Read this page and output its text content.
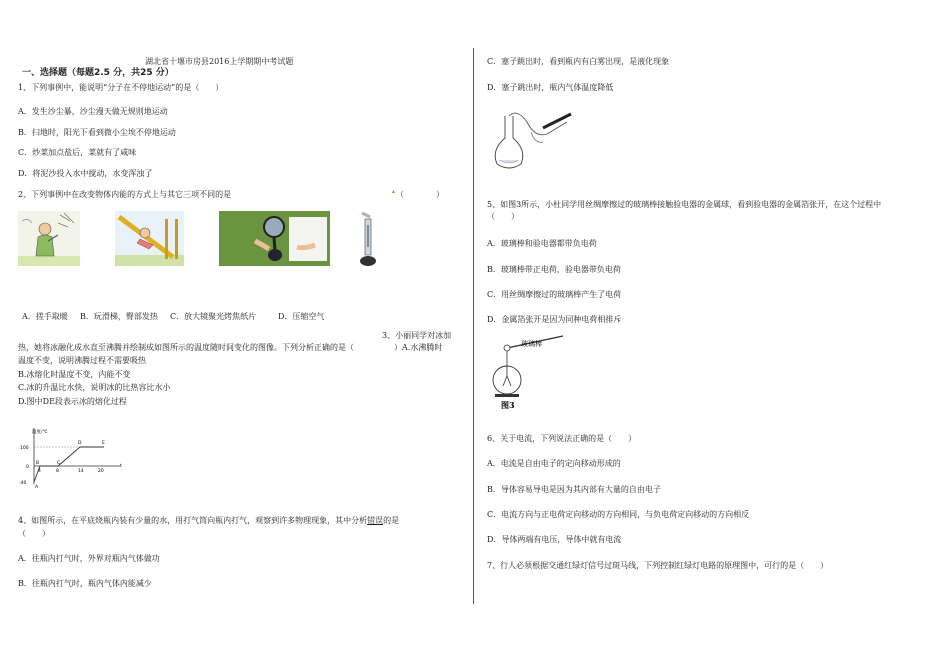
湖北省十堰市房县2016上学期期中考试题
一、选择题（每题2.5 分，共25 分）
1、下列事例中，能说明“分子在不停地运动”的是（　　）
A．发生沙尘暴，沙尘漫天做无规则地运动
B．扫地时，阳光下看到微小尘埃不停地运动
C．炒菜加点盐后，菜就有了咸味
D．将泥沙投入水中搅动，水变浑浊了
2、下列事例中在改变物体内能的方式上与其它三项不同的是	（　　　　）
▴
A．搓手取暖 B．玩滑梯，臀部发热 C．放大镜聚光烤焦纸片	D．压缩空气
3、小丽同学对冰加
热，她将冰融化成水直至沸腾并绘制成如图所示的温度随时间变化的图像。下列分析正确的是（　　　　　）A.水沸腾时
温度不变，说明沸腾过程不需要吸热
B.冰熔化时温度不变，内能不变
C.冰的升温比水快，说明冰的比热容比水小
D.图中DE段表示冰的熔化过程
温度/℃
100
0
-40
4	8	14	20
t
A
B	C
D	E
4、如图所示，在平底烧瓶内装有少量的水，用打气筒向瓶内打气，观察到许多物理现象，其中分析错误的是
（　　）
A．往瓶内打气时，外界对瓶内气体做功
B．往瓶内打气时，瓶内气体内能减少
C．塞子跳出时，看到瓶内有白雾出现，是液化现象
D．塞子跳出时，瓶内气体温度降低
5、如图3所示，小杜同学用丝绸摩擦过的玻璃棒接触验电器的金属球，看到验电器的金属箔张开，在这个过程中
（　　）
A．玻璃棒和验电器都带负电荷
B．玻璃棒带正电荷，验电器带负电荷
C．用丝绸摩擦过的玻璃棒产生了电荷
D．金属箔张开是因为同种电荷相排斥
玻璃棒
图3
6、关于电流，下列说法正确的是（　　）
A．电流是自由电子的定向移动形成的
B．导体容易导电是因为其内部有大量的自由电子
C．电流方向与正电荷定向移动的方向相同，与负电荷定向移动的方向相反
D．导体两端有电压，导体中就有电流
7、行人必须根据交通红绿灯信号过斑马线，下列控制红绿灯电路的原理图中，可行的是（　　）
